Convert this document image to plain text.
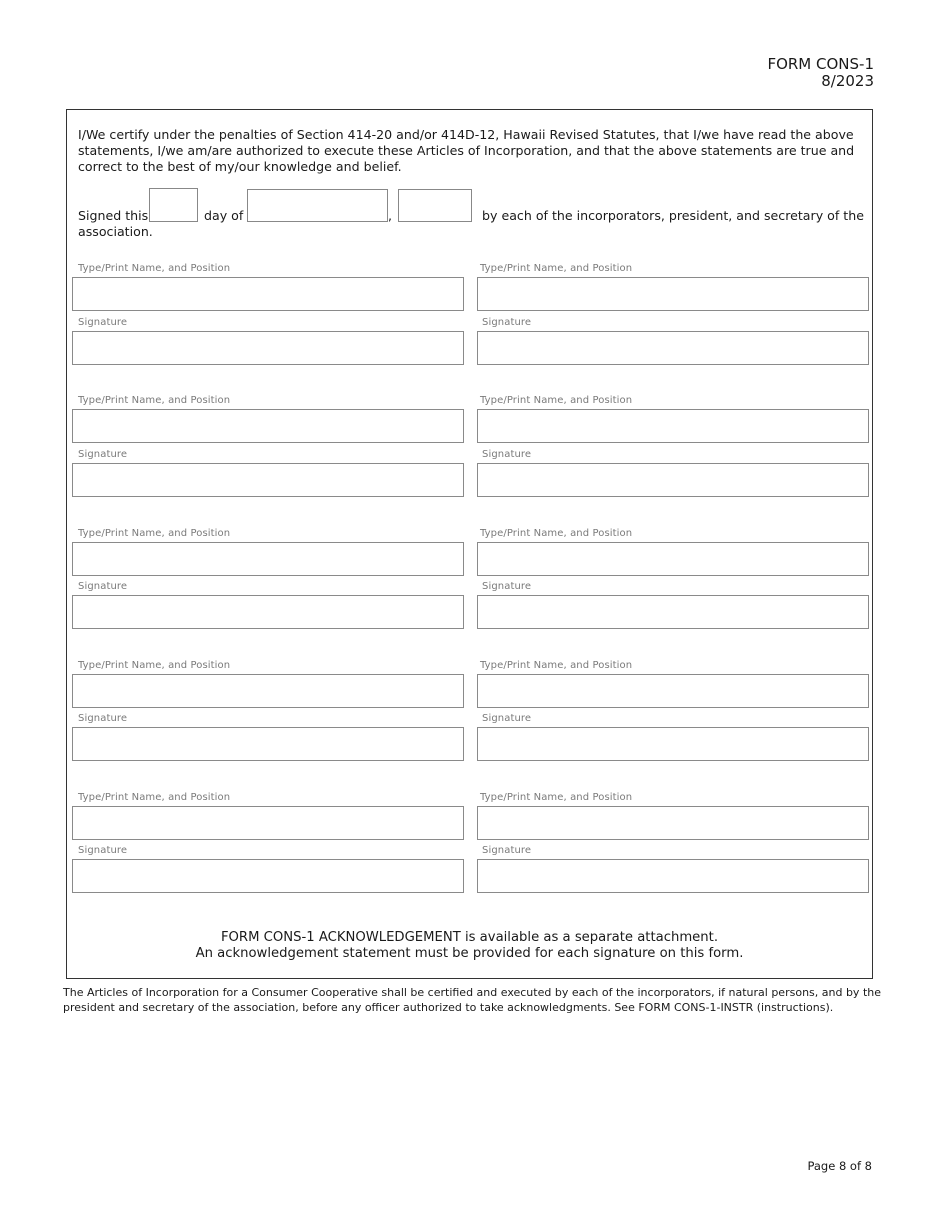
FORM CONS-1
8/2023

I/We certify under the penalties of Section 414-20 and/or 414D-12, Hawaii Revised Statutes, that I/we have read the above statements, I/we am/are authorized to execute these Articles of Incorporation, and that the above statements are true and correct to the best of my/our knowledge and belief.

Signed this	day of	,	by each of the incorporators, president, and secretary of the
association.
Type/Print Name, and Position	Type/Print Name, and Position
Signature	Signature
Type/Print Name, and Position	Type/Print Name, and Position
Signature	Signature
Type/Print Name, and Position	Type/Print Name, and Position
Signature	Signature
Type/Print Name, and Position	Type/Print Name, and Position
Signature	Signature
Type/Print Name, and Position	Type/Print Name, and Position
Signature	Signature
FORM CONS-1 ACKNOWLEDGEMENT is available as a separate attachment.
An acknowledgement statement must be provided for each signature on this form.

The Articles of Incorporation for a Consumer Cooperative shall be certified and executed by each of the incorporators, if natural persons, and by the president and secretary of the association, before any officer authorized to take acknowledgments. See FORM CONS-1-INSTR (instructions).

Page 8 of 8
